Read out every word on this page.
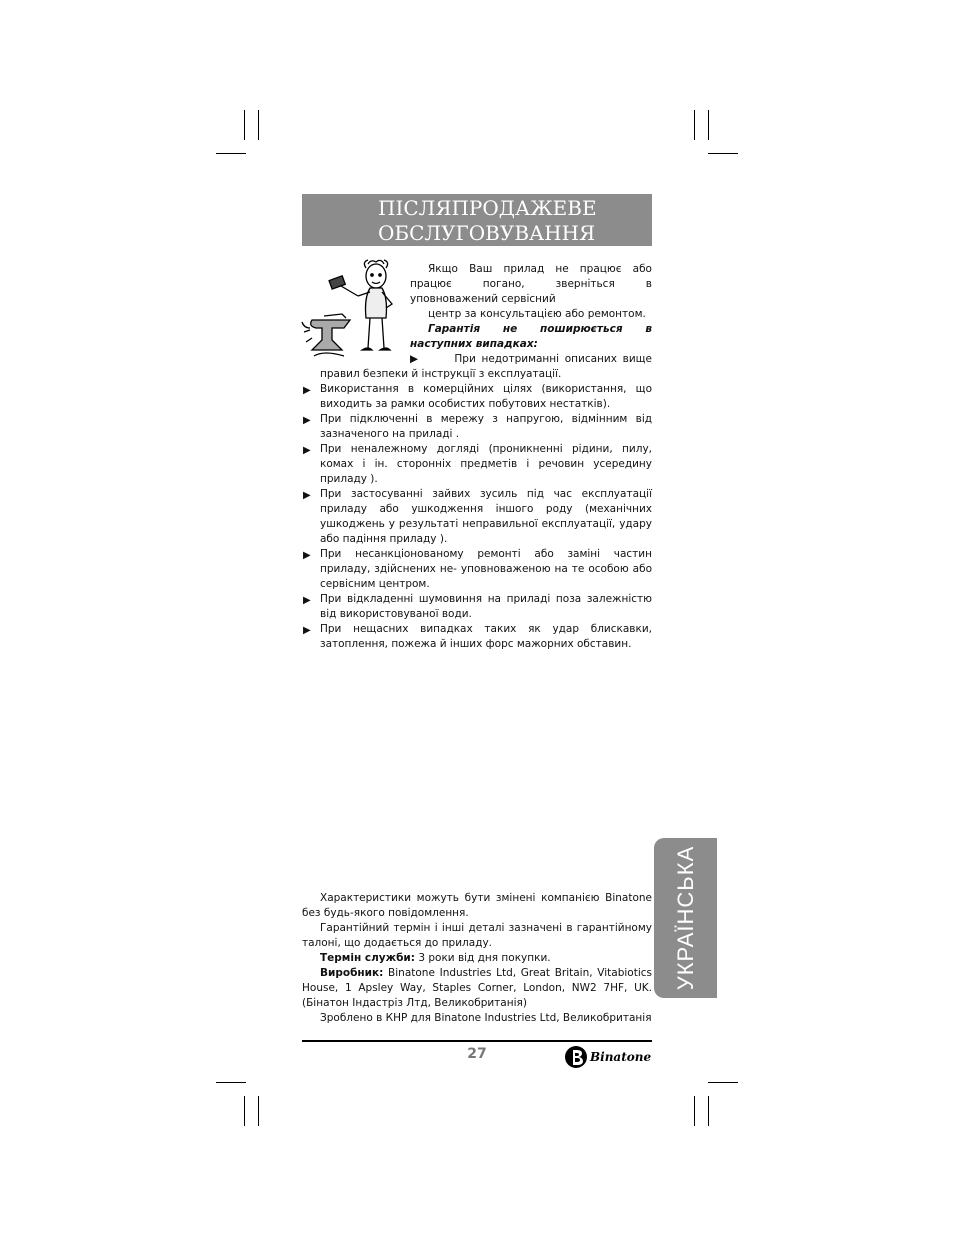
ПІСЛЯПРОДАЖЕВЕ
ОБСЛУГОВУВАННЯ

Якщо Ваш прилад не працює або

працює погано, зверніться в

уповноважений сервісний

центр за консультацією або ремонтом.

Гарантія не поширюється в

наступних випадках:

▶	При недотриманні описаних вище

правил безпеки й інструкції з експлуатації.
▶ Використання в комерційних цілях (використання, що виходить за рамки особистих побутових нестатків).
▶ При підключенні в мережу з напругою, відмінним від зазначеного на приладі .
▶ При неналежному догляді (проникненні рідини, пилу, комах і ін. сторонніх предметів і речовин усередину приладу ).
▶ При застосуванні зайвих зусиль під час експлуатації приладу або ушкодження іншого роду (механічних ушкоджень у результаті неправильної експлуатації, удару або падіння приладу ).
▶ При несанкціонованому ремонті або заміні частин приладу, здійснених не- уповноваженою на те особою або сервісним центром.
▶ При відкладенні шумовиння на приладі поза залежністю від використовуваної води.
▶ При нещасних випадках таких як удар блискавки, затоплення, пожежа й інших форс мажорних обставин.

Характеристики можуть бути змінені компанією Binatone без будь-якого повідомлення.

Гарантійний термін і інші деталі зазначені в гарантійному талоні, що додається до приладу.

Термін служби: 3 роки від дня покупки.

Виробник: Binatone Industries Ltd, Great Britain, Vitabiotics House, 1 Apsley Way, Staples Corner, London, NW2 7HF, UK. (Бінатон Індастріз Лтд, Великобританія)

Зроблено в КНР для Binatone Industries Ltd, Великобританія

27	Binatone
УКРАЇНСЬКА
